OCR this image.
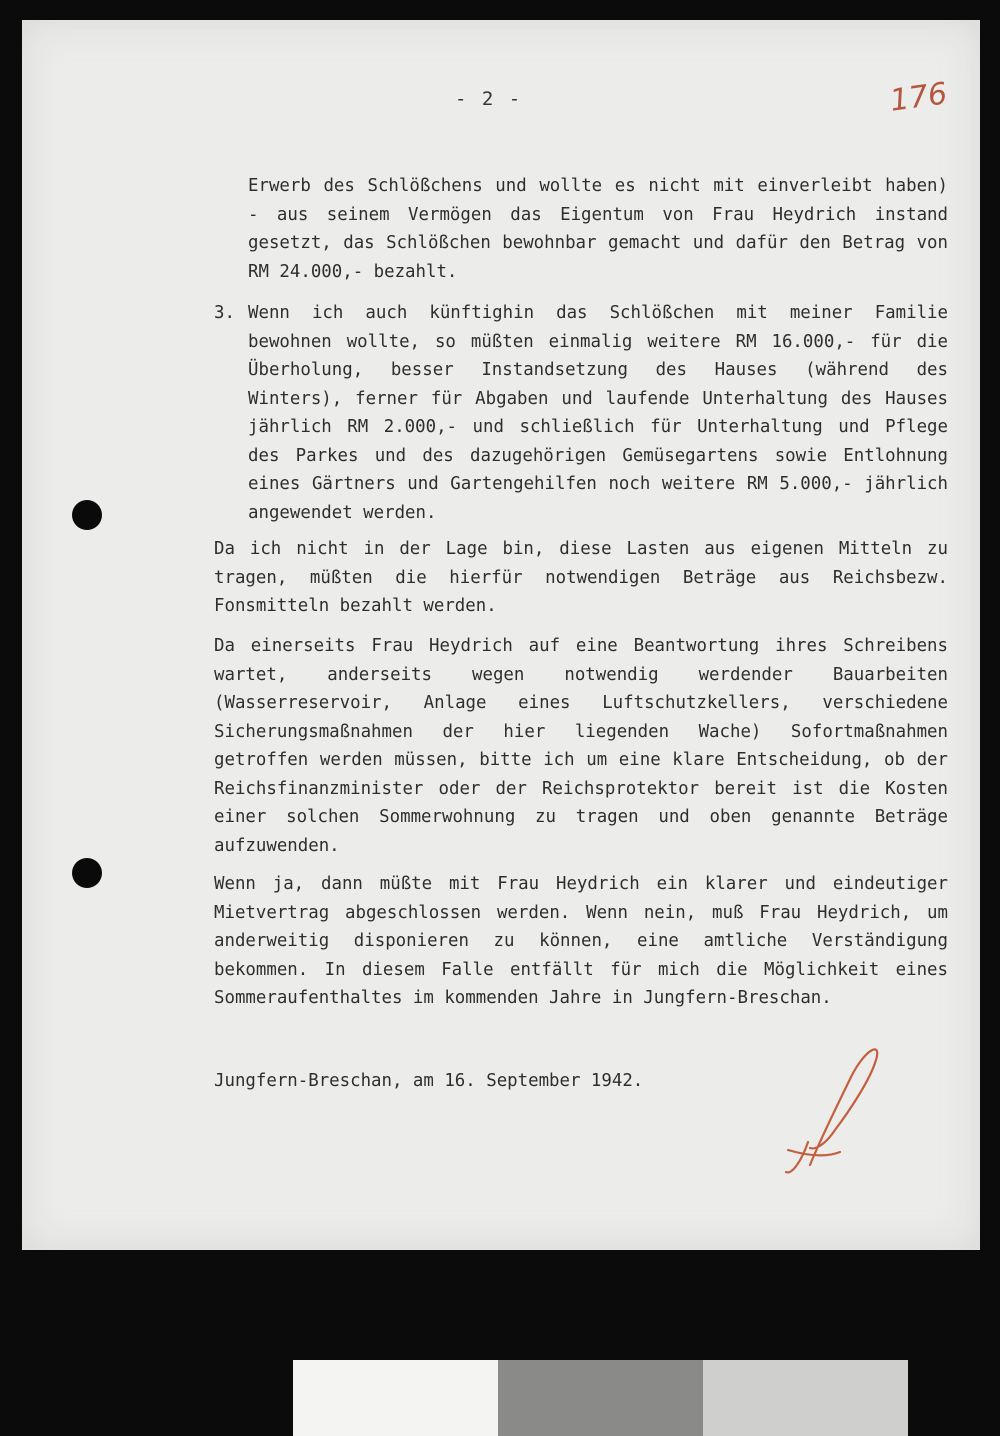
- 2 -	176

Erwerb des Schlößchens und wollte es nicht mit einverleibt haben) - aus seinem Vermögen das Eigentum von Frau Heydrich instand gesetzt, das Schlößchen bewohnbar gemacht und dafür den Betrag von RM 24.000,- bezahlt.

3. Wenn ich auch künftighin das Schlößchen mit meiner Familie bewohnen wollte, so müßten einmalig weitere RM 16.000,- für die Überholung, besser Instandsetzung des Hauses (während des Winters), ferner für Abgaben und laufende Unterhaltung des Hauses jährlich RM 2.000,- und schließlich für Unterhaltung und Pflege des Parkes und des dazugehörigen Gemüsegartens sowie Entlohnung eines Gärtners und Gartengehilfen noch weitere RM 5.000,- jährlich angewendet werden.

Da ich nicht in der Lage bin, diese Lasten aus eigenen Mitteln zu tragen, müßten die hierfür notwendigen Beträge aus Reichsbezw. Fonsmitteln bezahlt werden.

Da einerseits Frau Heydrich auf eine Beantwortung ihres Schreibens wartet, anderseits wegen notwendig werdender Bauarbeiten (Wasserreservoir, Anlage eines Luftschutzkellers, verschiedene Sicherungsmaßnahmen der hier liegenden Wache) Sofortmaßnahmen getroffen werden müssen, bitte ich um eine klare Entscheidung, ob der Reichsfinanzminister oder der Reichsprotektor bereit ist die Kosten einer solchen Sommerwohnung zu tragen und oben genannte Beträge aufzuwenden.

Wenn ja, dann müßte mit Frau Heydrich ein klarer und eindeutiger Mietvertrag abgeschlossen werden. Wenn nein, muß Frau Heydrich, um anderweitig disponieren zu können, eine amtliche Verständigung bekommen. In diesem Falle entfällt für mich die Möglichkeit eines Sommeraufenthaltes im kommenden Jahre in Jungfern-Breschan.

Jungfern-Breschan, am 16. September 1942.
